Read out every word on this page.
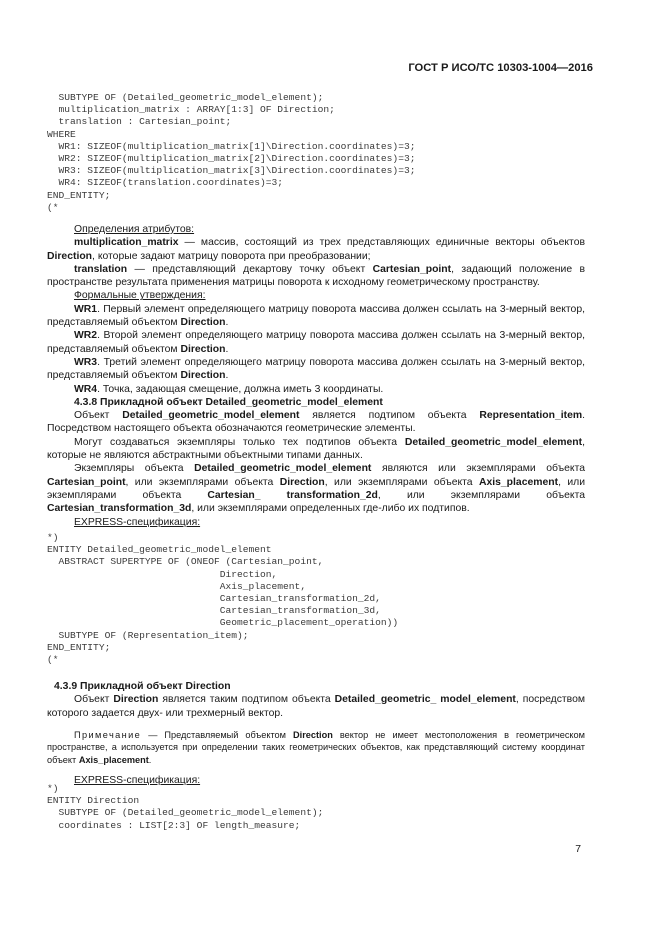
ГОСТ Р ИСО/ТС 10303-1004—2016
SUBTYPE OF (Detailed_geometric_model_element);
multiplication_matrix : ARRAY[1:3] OF Direction;
translation : Cartesian_point;
WHERE
WR1: SIZEOF(multiplication_matrix[1]\Direction.coordinates)=3;
WR2: SIZEOF(multiplication_matrix[2]\Direction.coordinates)=3;
WR3: SIZEOF(multiplication_matrix[3]\Direction.coordinates)=3;
WR4: SIZEOF(translation.coordinates)=3;
END_ENTITY;
(*

Определения атрибутов:

multiplication_matrix — массив, состоящий из трех представляющих единичные векторы объектов Direction, которые задают матрицу поворота при преобразовании;

translation — представляющий декартову точку объект Cartesian_point, задающий положение в пространстве результата применения матрицы поворота к исходному геометрическому пространству.

Формальные утверждения:

WR1. Первый элемент определяющего матрицу поворота массива должен ссылать на 3-мерный вектор, представляемый объектом Direction.

WR2. Второй элемент определяющего матрицу поворота массива должен ссылать на 3-мерный вектор, представляемый объектом Direction.

WR3. Третий элемент определяющего матрицу поворота массива должен ссылать на 3-мерный вектор, представляемый объектом Direction.

WR4. Точка, задающая смещение, должна иметь 3 координаты.

4.3.8 Прикладной объект Detailed_geometric_model_element

Объект Detailed_geometric_model_element является подтипом объекта Representation_item. Посредством настоящего объекта обозначаются геометрические элементы.

Могут создаваться экземпляры только тех подтипов объекта Detailed_geometric_model_element, которые не являются абстрактными объектными типами данных.

Экземпляры объекта Detailed_geometric_model_element являются или экземплярами объекта Cartesian_point, или экземплярами объекта Direction, или экземплярами объекта Axis_placement, или экземплярами объекта Cartesian_ transformation_2d, или экземплярами объекта Cartesian_transformation_3d, или экземплярами определенных где-либо их подтипов.

EXPRESS-спецификация:

*)
ENTITY Detailed_geometric_model_element
ABSTRACT SUPERTYPE OF (ONEOF (Cartesian_point,
Direction,
Axis_placement,
Cartesian_transformation_2d,
Cartesian_transformation_3d,
Geometric_placement_operation))
SUBTYPE OF (Representation_item);
END_ENTITY;
(*

4.3.9 Прикладной объект Direction

Объект Direction является таким подтипом объекта Detailed_geometric_ model_element, посредством которого задается двух- или трехмерный вектор.

Примечание — Представляемый объектом Direction вектор не имеет местоположения в геометрическом пространстве, а используется при определении таких геометрических объектов, как представляющий систему координат объект Axis_placement.

EXPRESS-спецификация:

*)
ENTITY Direction
SUBTYPE OF (Detailed_geometric_model_element);
coordinates : LIST[2:3] OF length_measure;
7
